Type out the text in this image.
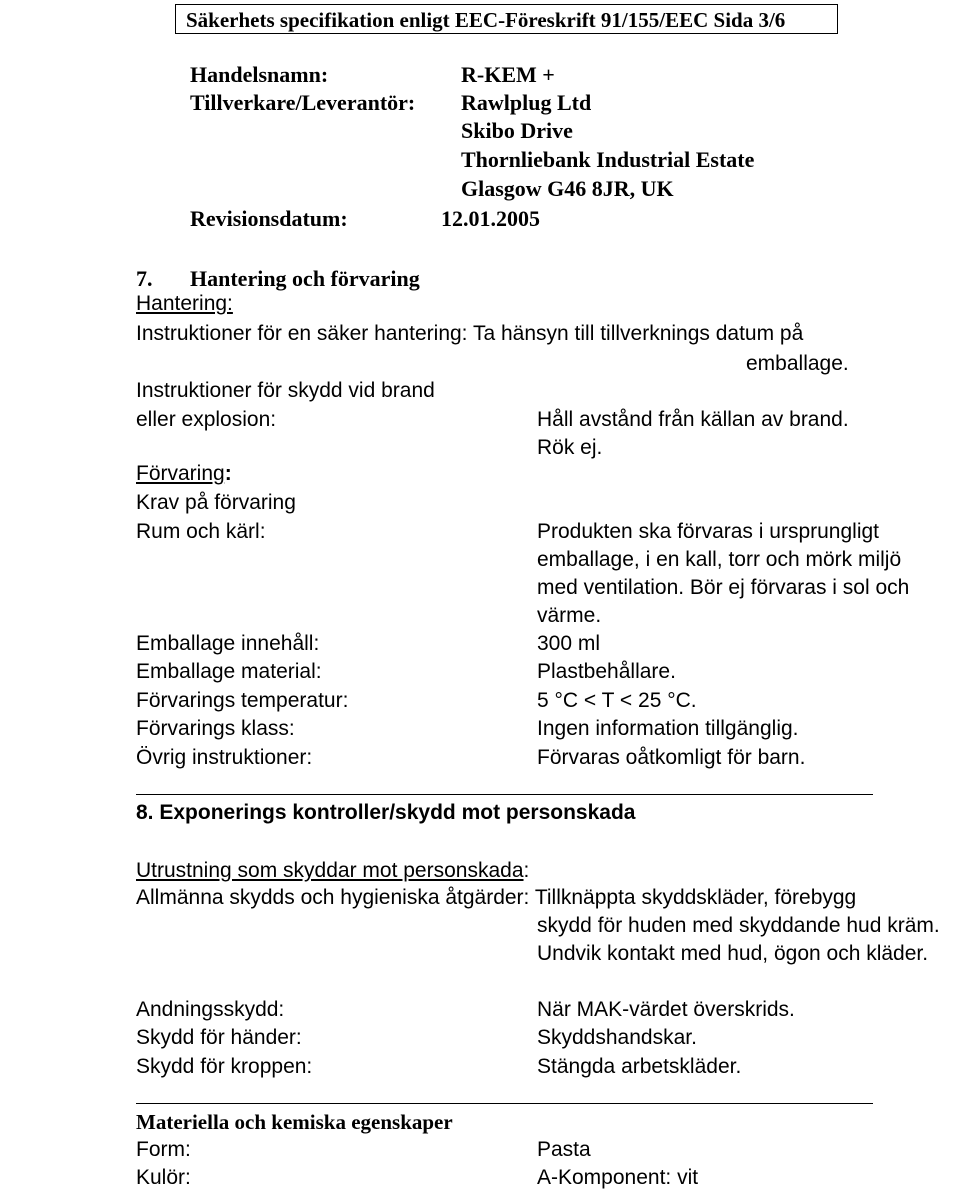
Säkerhets specifikation enligt EEC-Föreskrift 91/155/EEC Sida 3/6
Handelsnamn:	R-KEM +
Tillverkare/Leverantör: Rawlplug Ltd
Skibo Drive
Thornliebank Industrial Estate
Glasgow G46 8JR, UK
Revisionsdatum:	12.01.2005
7. Hantering och förvaring
Hantering:
Instruktioner för en säker hantering: Ta hänsyn till tillverknings datum på
emballage.
Instruktioner för skydd vid brand
eller explosion:	Håll avstånd från källan av brand.
Rök ej.
Förvaring:
Krav på förvaring
Rum och kärl:	Produkten ska förvaras i ursprungligt
emballage, i en kall, torr och mörk miljö
med ventilation. Bör ej förvaras i sol och
värme.
Emballage innehåll:	300 ml
Emballage material:	Plastbehållare.
Förvarings temperatur:	5 °C < T < 25 °C.
Förvarings klass:	Ingen information tillgänglig.
Övrig instruktioner:	Förvaras oåtkomligt för barn.
8. Exponerings kontroller/skydd mot personskada
Utrustning som skyddar mot personskada:
Allmänna skydds och hygieniska åtgärder: Tillknäppta skyddskläder, förebygg
skydd för huden med skyddande hud kräm.
Undvik kontakt med hud, ögon och kläder.
Andningsskydd:	När MAK-värdet överskrids.
Skydd för händer:	Skyddshandskar.
Skydd för kroppen:	Stängda arbetskläder.
Materiella och kemiska egenskaper
Form:	Pasta
Kulör:	A-Komponent: vit
